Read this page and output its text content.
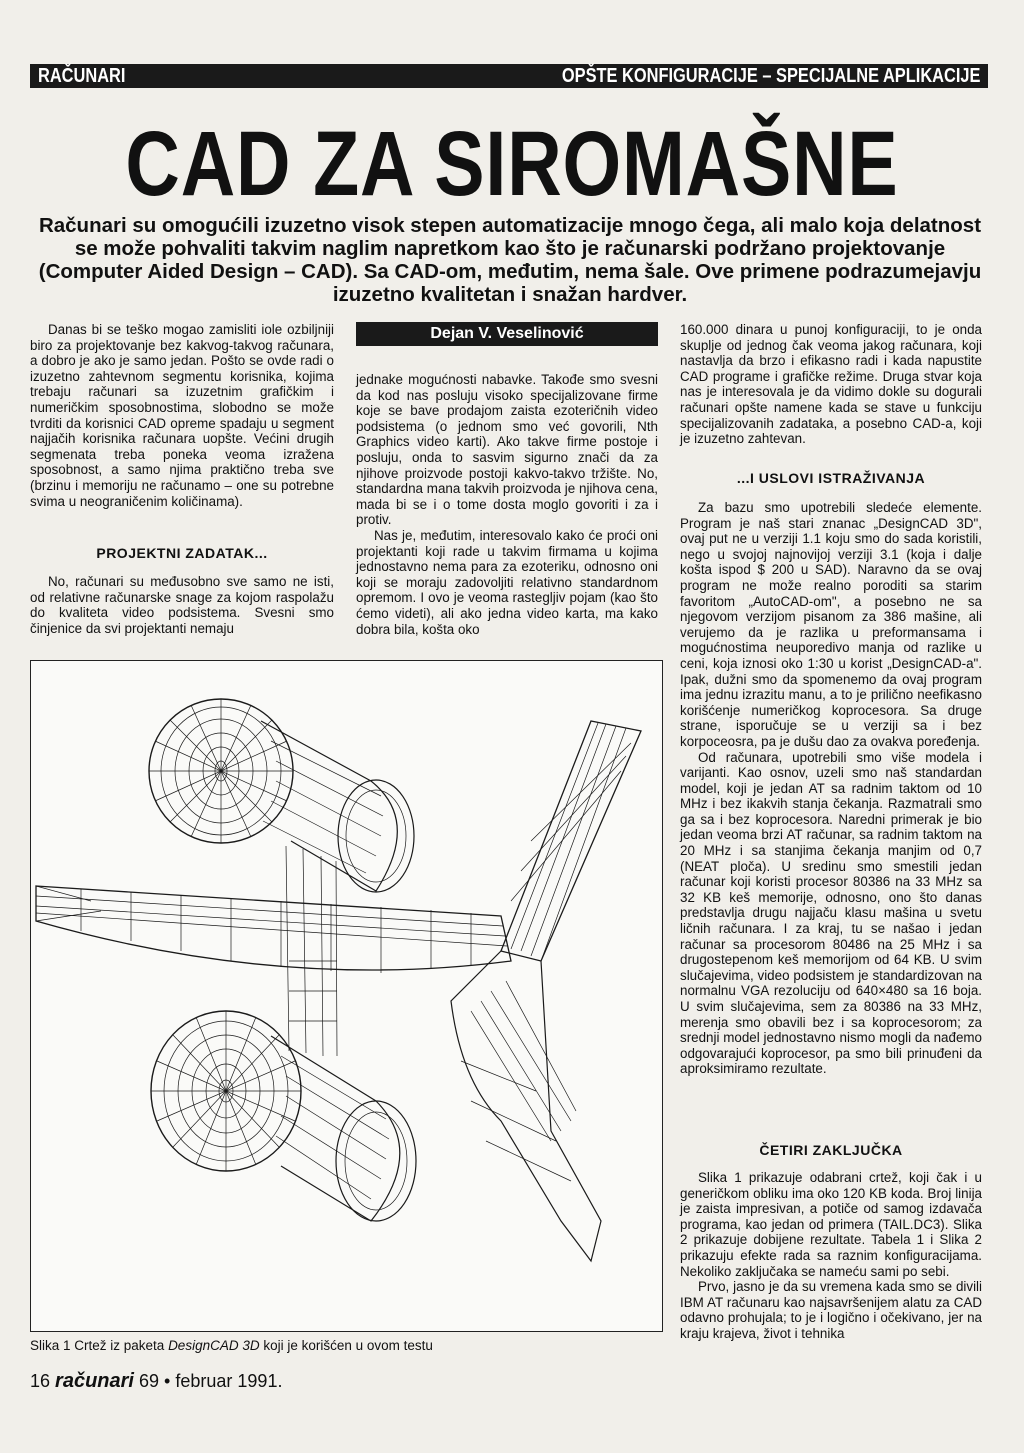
RAČUNARI	OPŠTE KONFIGURACIJE – SPECIJALNE APLIKACIJE
CAD ZA SIROMAŠNE
Računari su omogućili izuzetno visok stepen automatizacije mnogo čega, ali malo koja delatnost se može pohvaliti takvim naglim napretkom kao što je računarski podržano projektovanje (Computer Aided Design – CAD). Sa CAD-om, međutim, nema šale. Ove primene podrazumejavju izuzetno kvalitetan i snažan hardver.

Danas bi se teško mogao zamisliti iole ozbiljniji biro za projektovanje bez kakvog-takvog računara, a dobro je ako je samo jedan. Pošto se ovde radi o izuzetno zahtevnom segmentu korisnika, kojima trebaju računari sa izuzetnim grafičkim i numeričkim sposobnostima, slobodno se može tvrditi da korisnici CAD opreme spadaju u segment najjačih korisnika računara uopšte. Većini drugih segmenata treba poneka veoma izražena sposobnost, a samo njima praktično treba sve (brzinu i memoriju ne računamo – one su potrebne svima u neograničenim količinama).

PROJEKTNI ZADATAK...

No, računari su međusobno sve samo ne isti, od relativne računarske snage za kojom raspolažu do kvaliteta video podsistema. Svesni smo činjenice da svi projektanti nemaju

Dejan V. Veselinović

jednake mogućnosti nabavke. Takođe smo svesni da kod nas posluju visoko specijalizovane firme koje se bave prodajom zaista ezoteričnih video podsistema (o jednom smo već govorili, Nth Graphics video karti). Ako takve firme postoje i posluju, onda to sasvim sigurno znači da za njihove proizvode postoji kakvo-takvo tržište. No, standardna mana takvih proizvoda je njihova cena, mada bi se i o tome dosta moglo govoriti i za i protiv.

Nas je, međutim, interesovalo kako će proći oni projektanti koji rade u takvim firmama u kojima jednostavno nema para za ezoteriku, odnosno oni koji se moraju zadovoljiti relativno standardnom opremom. I ovo je veoma rastegljiv pojam (kao što ćemo videti), ali ako jedna video karta, ma kako dobra bila, košta oko

160.000 dinara u punoj konfiguraciji, to je onda skuplje od jednog čak veoma jakog računara, koji nastavlja da brzo i efikasno radi i kada napustite CAD programe i grafičke režime. Druga stvar koja nas je interesovala je da vidimo dokle su dogurali računari opšte namene kada se stave u funkciju specijalizovanih zadataka, a posebno CAD-a, koji je izuzetno zahtevan.

...I USLOVI ISTRAŽIVANJA

Za bazu smo upotrebili sledeće elemente. Program je naš stari znanac „DesignCAD 3D", ovaj put ne u verziji 1.1 koju smo do sada koristili, nego u svojoj najnovijoj verziji 3.1 (koja i dalje košta ispod $ 200 u SAD). Naravno da se ovaj program ne može realno poroditi sa starim favoritom „AutoCAD-om", a posebno ne sa njegovom verzijom pisanom za 386 mašine, ali verujemo da je razlika u preformansama i mogućnostima neuporedivo manja od razlike u ceni, koja iznosi oko 1:30 u korist „DesignCAD-a". Ipak, dužni smo da spomenemo da ovaj program ima jednu izrazitu manu, a to je prilično neefikasno korišćenje numeričkog koprocesora. Sa druge strane, isporučuje se u verziji sa i bez korpoceosra, pa je dušu dao za ovakva poređenja.

Od računara, upotrebili smo više modela i varijanti. Kao osnov, uzeli smo naš standardan model, koji je jedan AT sa radnim taktom od 10 MHz i bez ikakvih stanja čekanja. Razmatrali smo ga sa i bez koprocesora. Naredni primerak je bio jedan veoma brzi AT računar, sa radnim taktom na 20 MHz i sa stanjima čekanja manjim od 0,7 (NEAT ploča). U sredinu smo smestili jedan računar koji koristi procesor 80386 na 33 MHz sa 32 KB keš memorije, odnosno, ono što danas predstavlja drugu najjaču klasu mašina u svetu ličnih računara. I za kraj, tu se našao i jedan računar sa procesorom 80486 na 25 MHz i sa drugostepenom keš memorijom od 64 KB. U svim slučajevima, video podsistem je standardizovan na normalnu VGA rezoluciju od 640×480 sa 16 boja. U svim slučajevima, sem za 80386 na 33 MHz, merenja smo obavili bez i sa koprocesorom; za srednji model jednostavno nismo mogli da nađemo odgovarajući koprocesor, pa smo bili prinuđeni da aproksimiramo rezultate.

ČETIRI ZAKLJUČKA

Slika 1 prikazuje odabrani crtež, koji čak i u generičkom obliku ima oko 120 KB koda. Broj linija je zaista impresivan, a potiče od samog izdavača programa, kao jedan od primera (TAIL.DC3). Slika 2 prikazuje dobijene rezultate. Tabela 1 i Slika 2 prikazuju efekte rada sa raznim konfiguracijama. Nekoliko zaključaka se nameću sami po sebi.

Prvo, jasno je da su vremena kada smo se divili IBM AT računaru kao najsavršenijem alatu za CAD odavno prohujala; to je i logično i očekivano, jer na kraju krajeva, život i tehnika

Slika 1 Crtež iz paketa DesignCAD 3D koji je korišćen u ovom testu
16 računari 69 • februar 1991.
